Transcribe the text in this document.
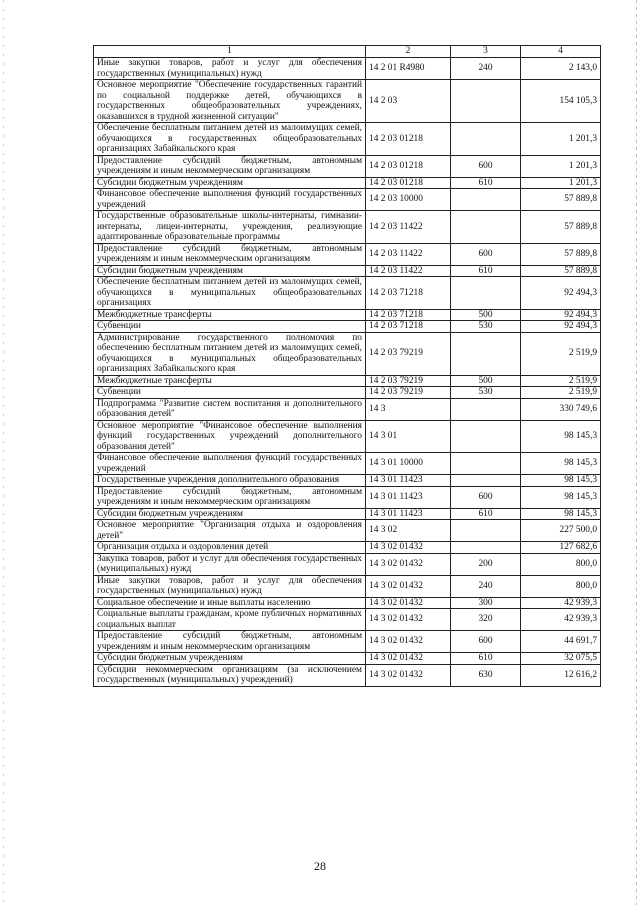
1	2	3	4
Иные закупки товаров, работ и услуг для обеспечения государственных (муниципальных) нужд	14 2 01 R4980	240	2 143,0
Основное мероприятие "Обеспечение государственных гарантий по социальной поддержке детей, обучающихся в государственных общеобразовательных учреждениях, оказавшихся в трудной жизненной ситуации"	14 2 03		154 105,3
Обеспечение бесплатным питанием детей из малоимущих семей, обучающихся в государственных общеобразовательных организациях Забайкальского края	14 2 03 01218		1 201,3
Предоставление субсидий бюджетным, автономным учреждениям и иным некоммерческим организациям	14 2 03 01218	600	1 201,3
Субсидии бюджетным учреждениям	14 2 03 01218	610	1 201,3
Финансовое обеспечение выполнения функций государственных учреждений	14 2 03 10000		57 889,8
Государственные образовательные школы-интернаты, гимназии-интернаты, лицеи-интернаты, учреждения, реализующие адаптированные образовательные программы	14 2 03 11422		57 889,8
Предоставление субсидий бюджетным, автономным учреждениям и иным некоммерческим организациям	14 2 03 11422	600	57 889,8
Субсидии бюджетным учреждениям	14 2 03 11422	610	57 889,8
Обеспечение бесплатным питанием детей из малоимущих семей, обучающихся в муниципальных общеобразовательных организациях	14 2 03 71218		92 494,3
Межбюджетные трансферты	14 2 03 71218	500	92 494,3
Субвенции	14 2 03 71218	530	92 494,3
Администрирование государственного полномочия по обеспечению бесплатным питанием детей из малоимущих семей, обучающихся в муниципальных общеобразовательных организациях Забайкальского края	14 2 03 79219		2 519,9
Межбюджетные трансферты	14 2 03 79219	500	2 519,9
Субвенции	14 2 03 79219	530	2 519,9
Подпрограмма "Развитие систем воспитания и дополнительного образования детей"	14 3		330 749,6
Основное мероприятие "Финансовое обеспечение выполнения функций государственных учреждений дополнительного образования детей"	14 3 01		98 145,3
Финансовое обеспечение выполнения функций государственных учреждений	14 3 01 10000		98 145,3
Государственные учреждения дополнительного образования	14 3 01 11423		98 145,3
Предоставление субсидий бюджетным, автономным учреждениям и иным некоммерческим организациям	14 3 01 11423	600	98 145,3
Субсидии бюджетным учреждениям	14 3 01 11423	610	98 145,3
Основное мероприятие "Организация отдыха и оздоровления детей"	14 3 02		227 500,0
Организация отдыха и оздоровления детей	14 3 02 01432		127 682,6
Закупка товаров, работ и услуг для обеспечения государственных (муниципальных) нужд	14 3 02 01432	200	800,0
Иные закупки товаров, работ и услуг для обеспечения государственных (муниципальных) нужд	14 3 02 01432	240	800,0
Социальное обеспечение и иные выплаты населению	14 3 02 01432	300	42 939,3
Социальные выплаты гражданам, кроме публичных нормативных социальных выплат	14 3 02 01432	320	42 939,3
Предоставление субсидий бюджетным, автономным учреждениям и иным некоммерческим организациям	14 3 02 01432	600	44 691,7
Субсидии бюджетным учреждениям	14 3 02 01432	610	32 075,5
Субсидии некоммерческим организациям (за исключением государственных (муниципальных) учреждений)	14 3 02 01432	630	12 616,2
28
